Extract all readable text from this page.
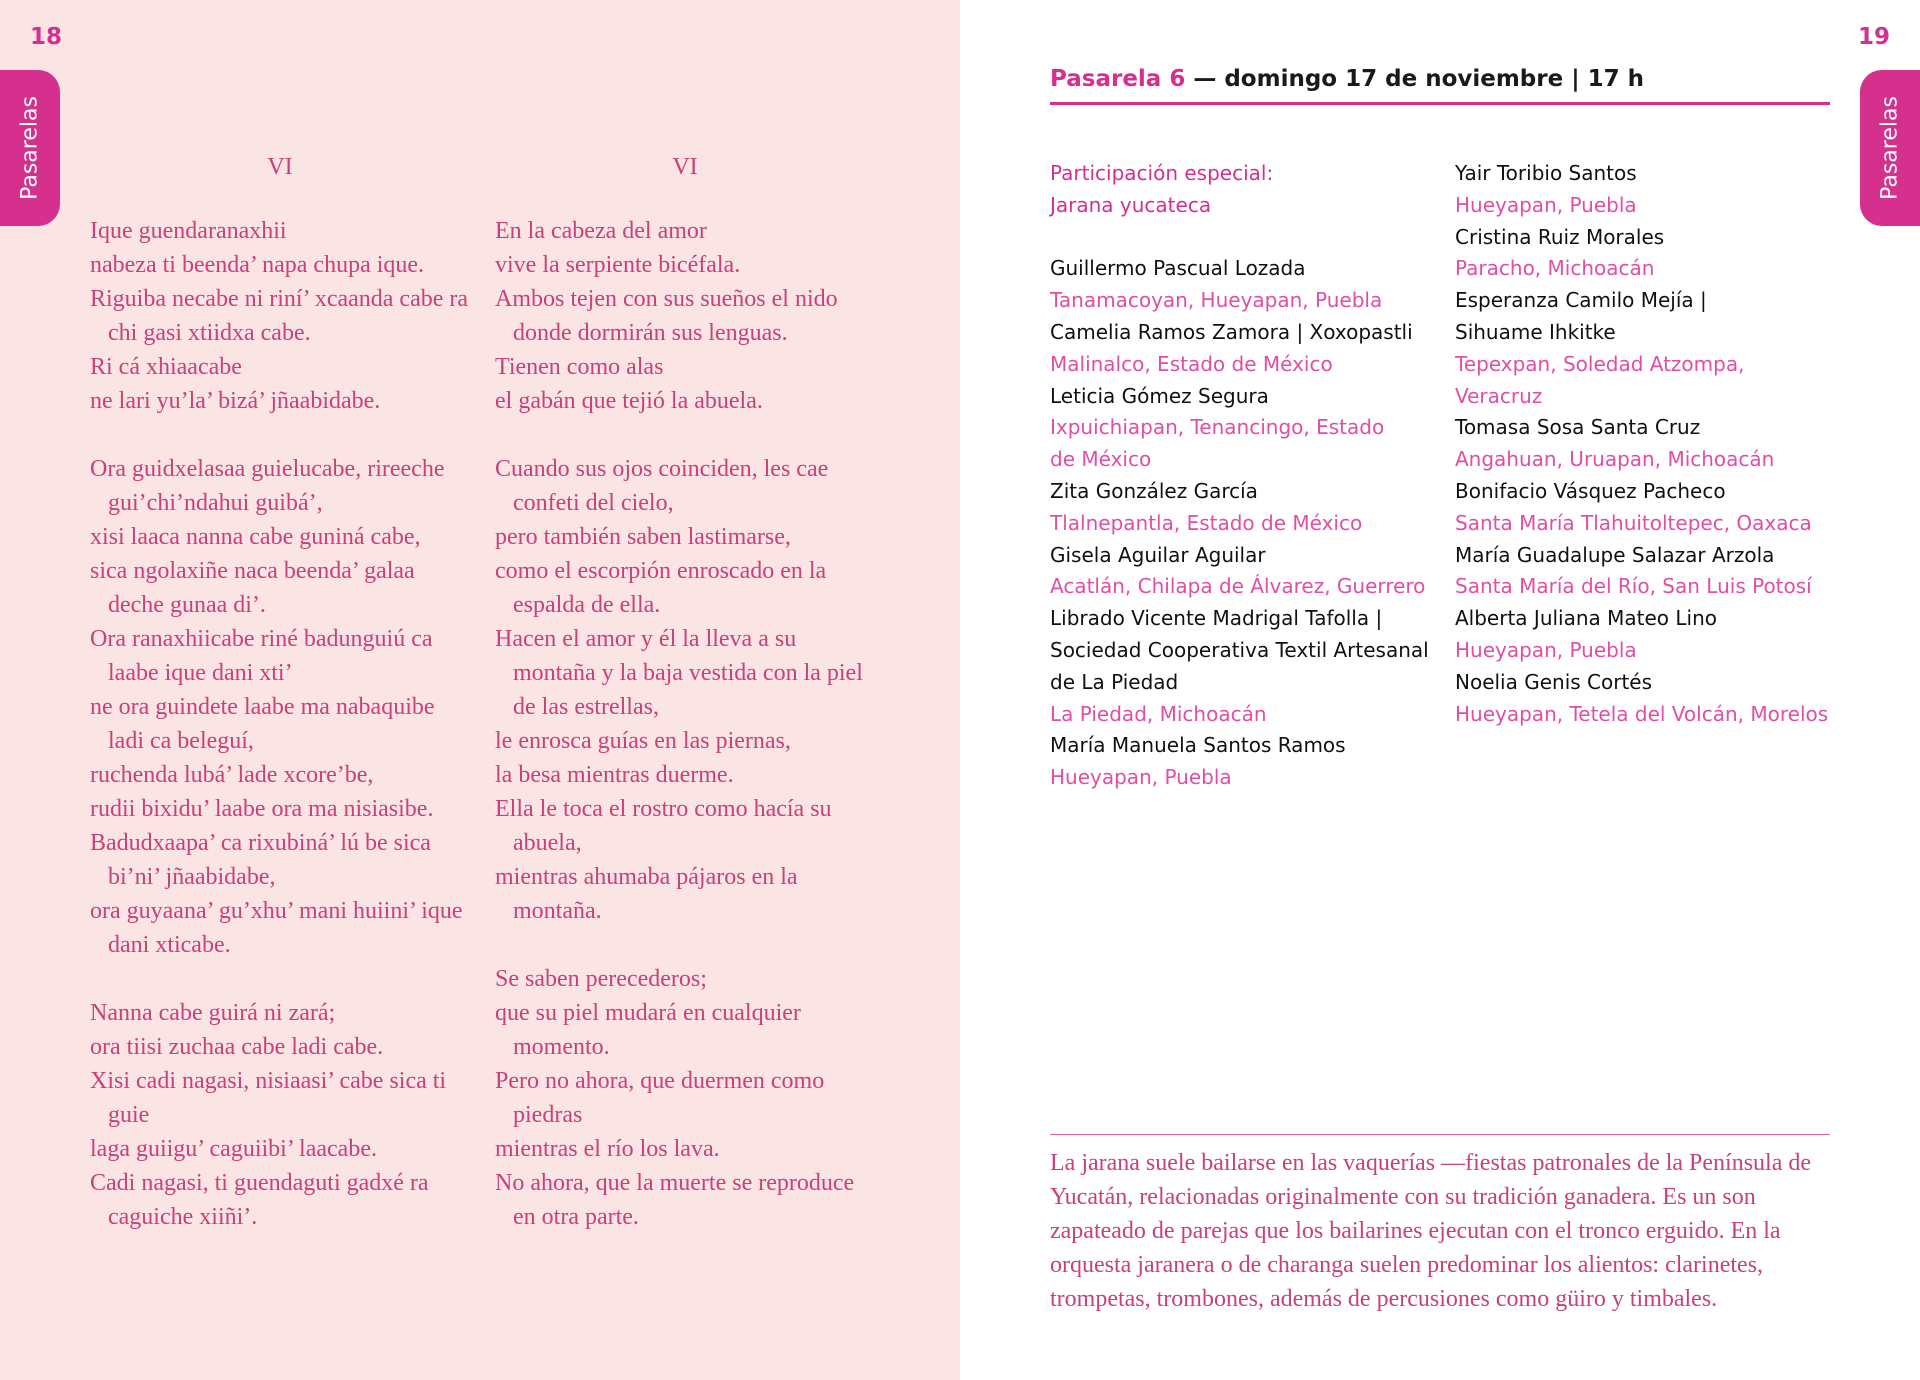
18
Pasarelas	VI
Ique guendaranaxhii
nabeza ti beenda’ napa chupa ique.
Riguiba necabe ni riní’ xcaanda cabe ra chi gasi xtiidxa cabe.
Ri cá xhiaacabe
ne lari yu’la’ bizá’ jñaabidabe.
Ora guidxelasaa guielucabe, rireeche gui’chi’ndahui guibá’,
xisi laaca nanna cabe guniná cabe,
sica ngolaxiñe naca beenda’ galaa deche gunaa di’.
Ora ranaxhiicabe riné badunguiú ca laabe ique dani xti’
ne ora guindete laabe ma nabaquibe ladi ca beleguí,
ruchenda lubá’ lade xcore’be,
rudii bixidu’ laabe ora ma nisiasibe.
Badudxaapa’ ca rixubiná’ lú be sica bi’ni’ jñaabidabe,
ora guyaana’ gu’xhu’ mani huiini’ ique dani xticabe.
Nanna cabe guirá ni zará;
ora tiisi zuchaa cabe ladi cabe.
Xisi cadi nagasi, nisiaasi’ cabe sica ti guie
laga guiigu’ caguiibi’ laacabe.
Cadi nagasi, ti guendaguti gadxé ra caguiche xiiñi’.
VI
En la cabeza del amor
vive la serpiente bicéfala.
Ambos tejen con sus sueños el nido donde dormirán sus lenguas.
Tienen como alas
el gabán que tejió la abuela.
Cuando sus ojos coinciden, les cae confeti del cielo,
pero también saben lastimarse,
como el escorpión enroscado en la espalda de ella.
Hacen el amor y él la lleva a su montaña y la baja vestida con la piel de las estrellas,
le enrosca guías en las piernas,
la besa mientras duerme.
Ella le toca el rostro como hacía su abuela,
mientras ahumaba pájaros en la montaña.
Se saben perecederos;
que su piel mudará en cualquier momento.
Pero no ahora, que duermen como piedras
mientras el río los lava.
No ahora, que la muerte se reproduce en otra parte.
19
Pasarelas
Pasarela 6 — domingo 17 de noviembre | 17 h
Participación especial:
Jarana yucateca
Guillermo Pascual Lozada
Tanamacoyan, Hueyapan, Puebla
Camelia Ramos Zamora | Xoxopastli
Malinalco, Estado de México
Leticia Gómez Segura
Ixpuichiapan, Tenancingo, Estado
de México
Zita González García
Tlalnepantla, Estado de México
Gisela Aguilar Aguilar
Acatlán, Chilapa de Álvarez, Guerrero
Librado Vicente Madrigal Tafolla |
Sociedad Cooperativa Textil Artesanal
de La Piedad
La Piedad, Michoacán
María Manuela Santos Ramos
Hueyapan, Puebla
Yair Toribio Santos
Hueyapan, Puebla
Cristina Ruiz Morales
Paracho, Michoacán
Esperanza Camilo Mejía |
Sihuame Ihkitke
Tepexpan, Soledad Atzompa,
Veracruz
Tomasa Sosa Santa Cruz
Angahuan, Uruapan, Michoacán
Bonifacio Vásquez Pacheco
Santa María Tlahuitoltepec, Oaxaca
María Guadalupe Salazar Arzola
Santa María del Río, San Luis Potosí
Alberta Juliana Mateo Lino
Hueyapan, Puebla
Noelia Genis Cortés
Hueyapan, Tetela del Volcán, Morelos
La jarana suele bailarse en las vaquerías —fiestas patronales de la Península de Yucatán, relacionadas originalmente con su tradición ganadera. Es un son zapateado de parejas que los bailarines ejecutan con el tronco erguido. En la orquesta jaranera o de charanga suelen predominar los alientos: clarinetes, trompetas, trombones, además de percusiones como güiro y timbales.
